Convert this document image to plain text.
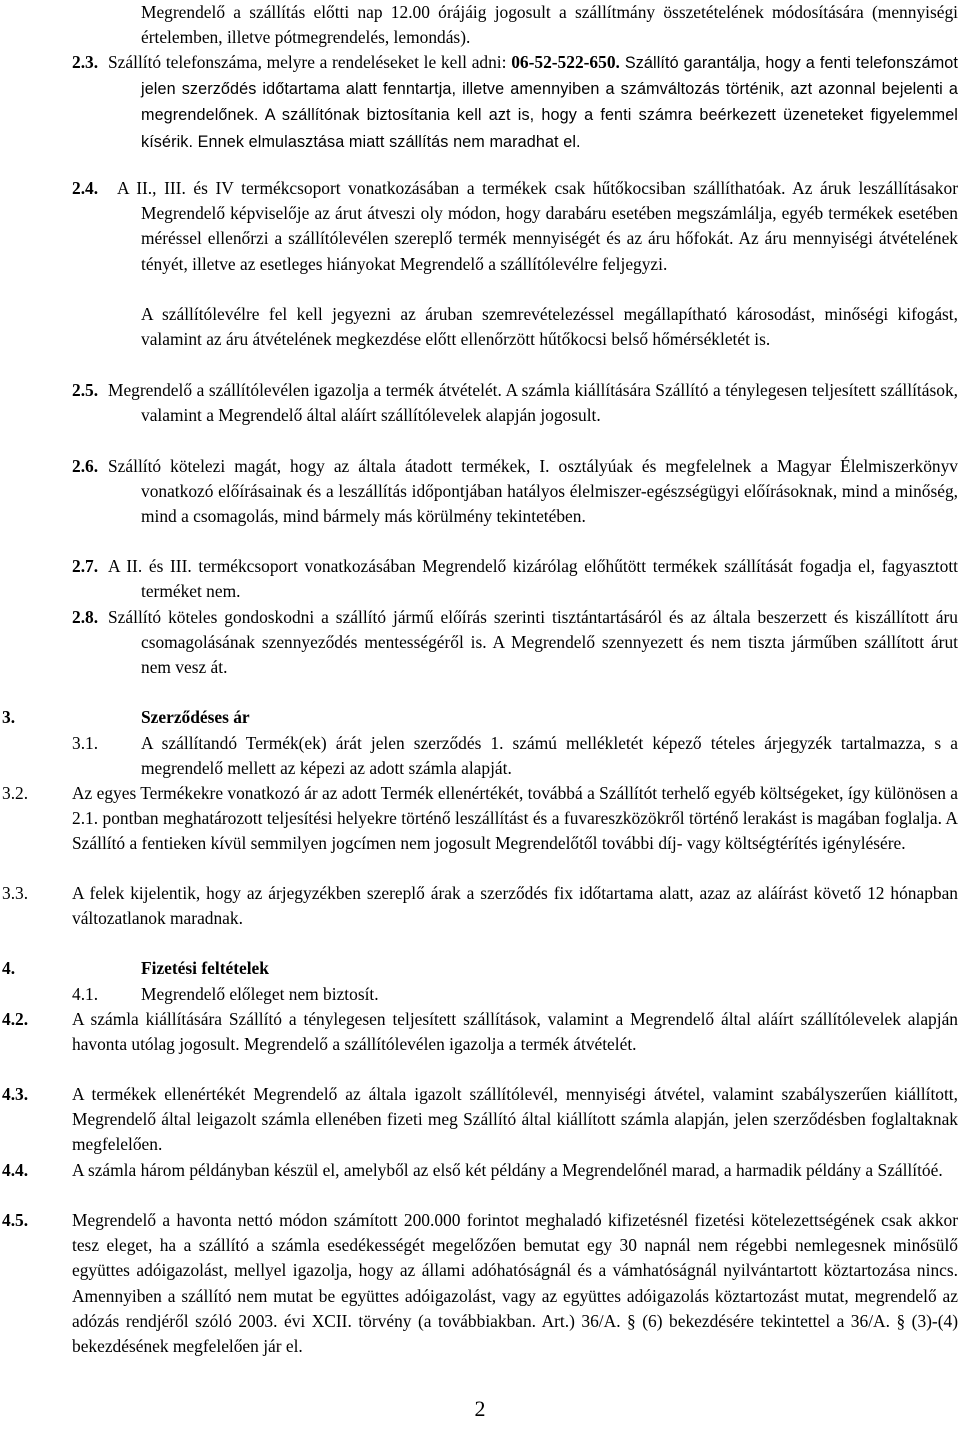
Megrendelő a szállítás előtti nap 12.00 órájáig jogosult a szállítmány összetételének módosítására (mennyiségi értelemben, illetve pótmegrendelés, lemondás).
2.3. Szállító telefonszáma, melyre a rendeléseket le kell adni: 06-52-522-650. Szállító garantálja, hogy a fenti telefonszámot jelen szerződés időtartama alatt fenntartja, illetve amennyiben a számváltozás történik, azt azonnal bejelenti a megrendelőnek. A szállítónak biztosítania kell azt is, hogy a fenti számra beérkezett üzeneteket figyelemmel kísérik. Ennek elmulasztása miatt szállítás nem maradhat el.
2.4. A II., III. és IV termékcsoport vonatkozásában a termékek csak hűtőkocsiban szállíthatóak. Az áruk leszállításakor Megrendelő képviselője az árut átveszi oly módon, hogy darabáru esetében megszámlálja, egyéb termékek esetében méréssel ellenőrzi a szállítólevélen szereplő termék mennyiségét és az áru hőfokát. Az áru mennyiségi átvételének tényét, illetve az esetleges hiányokat Megrendelő a szállítólevélre feljegyzi.
A szállítólevélre fel kell jegyezni az áruban szemrevételezéssel megállapítható károsodást, minőségi kifogást, valamint az áru átvételének megkezdése előtt ellenőrzött hűtőkocsi belső hőmérsékletét is.
2.5. Megrendelő a szállítólevélen igazolja a termék átvételét. A számla kiállítására Szállító a ténylegesen teljesített szállítások, valamint a Megrendelő által aláírt szállítólevelek alapján jogosult.
2.6. Szállító kötelezi magát, hogy az általa átadott termékek, I. osztályúak és megfelelnek a Magyar Élelmiszerkönyv vonatkozó előírásainak és a leszállítás időpontjában hatályos élelmiszer-egészségügyi előírásoknak, mind a minőség, mind a csomagolás, mind bármely más körülmény tekintetében.
2.7. A II. és III. termékcsoport vonatkozásában Megrendelő kizárólag előhűtött termékek szállítását fogadja el, fagyasztott terméket nem.
2.8. Szállító köteles gondoskodni a szállító jármű előírás szerinti tisztántartásáról és az általa beszerzett és kiszállított áru csomagolásának szennyeződés mentességéről is. A Megrendelő szennyezett és nem tiszta járműben szállított árut nem vesz át.
3.	Szerződéses ár
3.1. A szállítandó Termék(ek) árát jelen szerződés 1. számú mellékletét képező tételes árjegyzék tartalmazza, s a megrendelő mellett az képezi az adott számla alapját.
3.2.	Az egyes Termékekre vonatkozó ár az adott Termék ellenértékét, továbbá a Szállítót terhelő egyéb költségeket, így különösen a 2.1. pontban meghatározott teljesítési helyekre történő leszállítást és a fuvareszközökről történő lerakást is magában foglalja. A Szállító a fentieken kívül semmilyen jogcímen nem jogosult Megrendelőtől további díj- vagy költségtérítés igénylésére.
3.3.	A felek kijelentik, hogy az árjegyzékben szereplő árak a szerződés fix időtartama alatt, azaz az aláírást követő 12 hónapban változatlanok maradnak.
4.	Fizetési feltételek
4.1. Megrendelő előleget nem biztosít.
4.2.	A számla kiállítására Szállító a ténylegesen teljesített szállítások, valamint a Megrendelő által aláírt szállítólevelek alapján havonta utólag jogosult. Megrendelő a szállítólevélen igazolja a termék átvételét.
4.3.	A termékek ellenértékét Megrendelő az általa igazolt szállítólevél, mennyiségi átvétel, valamint szabályszerűen kiállított, Megrendelő által leigazolt számla ellenében fizeti meg Szállító által kiállított számla alapján, jelen szerződésben foglaltaknak megfelelően.
4.4.	A számla három példányban készül el, amelyből az első két példány a Megrendelőnél marad, a harmadik példány a Szállítóé.
4.5.	Megrendelő a havonta nettó módon számított 200.000 forintot meghaladó kifizetésnél fizetési kötelezettségének csak akkor tesz eleget, ha a szállító a számla esedékességét megelőzően bemutat egy 30 napnál nem régebbi nemlegesnek minősülő együttes adóigazolást, mellyel igazolja, hogy az állami adóhatóságnál és a vámhatóságnál nyilvántartott köztartozása nincs. Amennyiben a szállító nem mutat be együttes adóigazolást, vagy az együttes adóigazolás köztartozást mutat, megrendelő az adózás rendjéről szóló 2003. évi XCII. törvény (a továbbiakban. Art.) 36/A. § (6) bekezdésére tekintettel a 36/A. § (3)-(4) bekezdésének megfelelően jár el.
2
